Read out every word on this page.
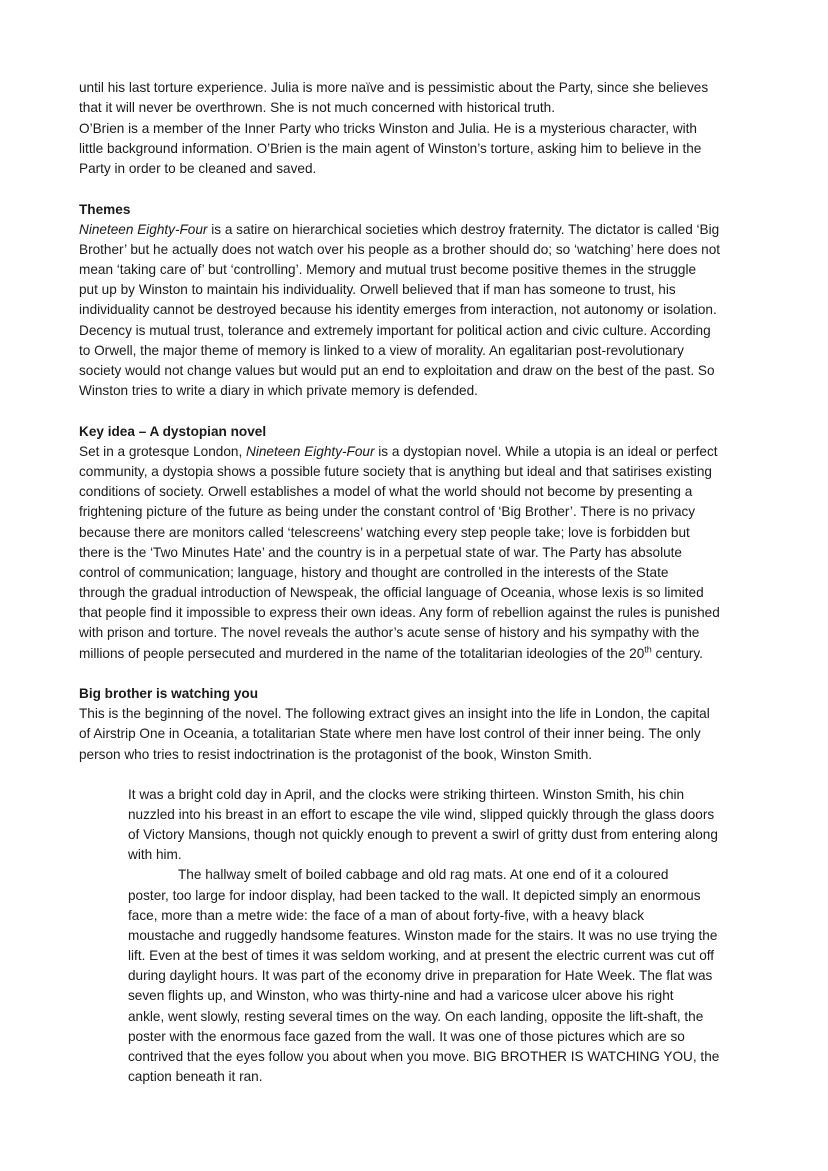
until his last torture experience. Julia is more naïve and is pessimistic about the Party, since she believes
that it will never be overthrown. She is not much concerned with historical truth.
O’Brien is a member of the Inner Party who tricks Winston and Julia. He is a mysterious character, with
little background information. O’Brien is the main agent of Winston’s torture, asking him to believe in the
Party in order to be cleaned and saved.
Themes
Nineteen Eighty-Four is a satire on hierarchical societies which destroy fraternity. The dictator is called ‘Big
Brother’ but he actually does not watch over his people as a brother should do; so ‘watching’ here does not
mean ‘taking care of’ but ‘controlling’. Memory and mutual trust become positive themes in the struggle
put up by Winston to maintain his individuality. Orwell believed that if man has someone to trust, his
individuality cannot be destroyed because his identity emerges from interaction, not autonomy or isolation.
Decency is mutual trust, tolerance and extremely important for political action and civic culture. According
to Orwell, the major theme of memory is linked to a view of morality. An egalitarian post-revolutionary
society would not change values but would put an end to exploitation and draw on the best of the past. So
Winston tries to write a diary in which private memory is defended.
Key idea – A dystopian novel
Set in a grotesque London, Nineteen Eighty-Four is a dystopian novel. While a utopia is an ideal or perfect
community, a dystopia shows a possible future society that is anything but ideal and that satirises existing
conditions of society. Orwell establishes a model of what the world should not become by presenting a
frightening picture of the future as being under the constant control of ‘Big Brother’. There is no privacy
because there are monitors called ‘telescreens’ watching every step people take; love is forbidden but
there is the ‘Two Minutes Hate’ and the country is in a perpetual state of war. The Party has absolute
control of communication; language, history and thought are controlled in the interests of the State
through the gradual introduction of Newspeak, the official language of Oceania, whose lexis is so limited
that people find it impossible to express their own ideas. Any form of rebellion against the rules is punished
with prison and torture. The novel reveals the author’s acute sense of history and his sympathy with the
millions of people persecuted and murdered in the name of the totalitarian ideologies of the 20th century.
Big brother is watching you
This is the beginning of the novel. The following extract gives an insight into the life in London, the capital
of Airstrip One in Oceania, a totalitarian State where men have lost control of their inner being. The only
person who tries to resist indoctrination is the protagonist of the book, Winston Smith.
It was a bright cold day in April, and the clocks were striking thirteen. Winston Smith, his chin
nuzzled into his breast in an effort to escape the vile wind, slipped quickly through the glass doors
of Victory Mansions, though not quickly enough to prevent a swirl of gritty dust from entering along
with him.
The hallway smelt of boiled cabbage and old rag mats. At one end of it a coloured
poster, too large for indoor display, had been tacked to the wall. It depicted simply an enormous
face, more than a metre wide: the face of a man of about forty-five, with a heavy black
moustache and ruggedly handsome features. Winston made for the stairs. It was no use trying the
lift. Even at the best of times it was seldom working, and at present the electric current was cut off
during daylight hours. It was part of the economy drive in preparation for Hate Week. The flat was
seven flights up, and Winston, who was thirty-nine and had a varicose ulcer above his right
ankle, went slowly, resting several times on the way. On each landing, opposite the lift-shaft, the
poster with the enormous face gazed from the wall. It was one of those pictures which are so
contrived that the eyes follow you about when you move. BIG BROTHER IS WATCHING YOU, the
caption beneath it ran.
